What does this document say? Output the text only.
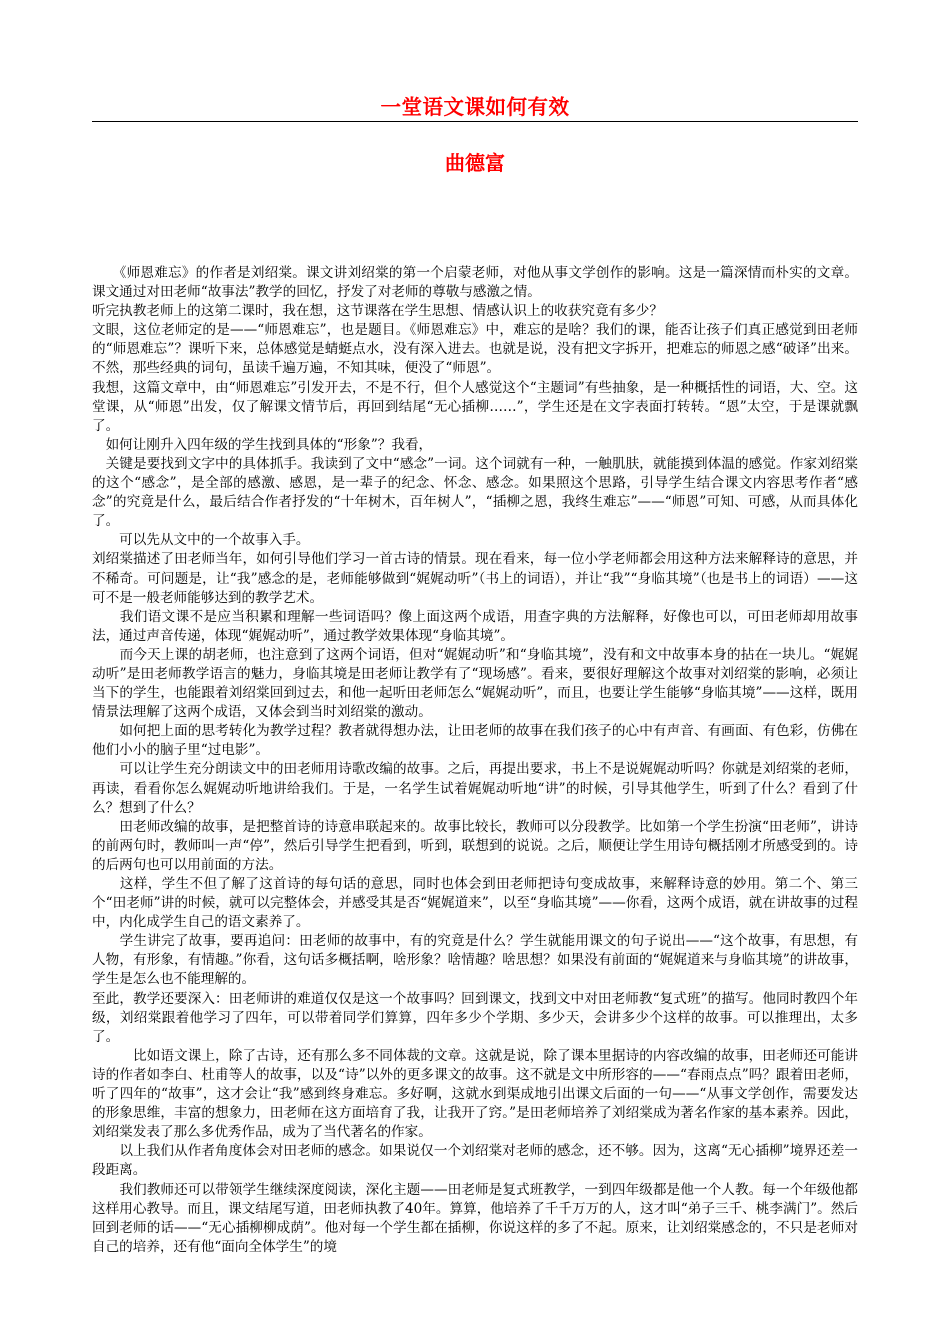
一堂语文课如何有效
曲德富

　　《师恩难忘》的作者是刘绍棠。课文讲刘绍棠的第一个启蒙老师，对他从事文学创作的影响。这是一篇深情而朴实的文章。课文通过对田老师“故事法”教学的回忆，抒发了对老师的尊敬与感激之情。

听完执教老师上的这第二课时，我在想，这节课落在学生思想、情感认识上的收获究竟有多少？

文眼，这位老师定的是——“师恩难忘”，也是题目。《师恩难忘》中，难忘的是啥？我们的课，能否让孩子们真正感觉到田老师的“师恩难忘”？课听下来，总体感觉是蜻蜓点水，没有深入进去。也就是说，没有把文字拆开，把难忘的师恩之感“破译”出来。不然，那些经典的词句，虽读千遍万遍，不知其味，便没了“师恩”。

我想，这篇文章中，由“师恩难忘”引发开去，不是不行，但个人感觉这个“主题词”有些抽象，是一种概括性的词语，大、空。这堂课，从“师恩”出发，仅了解课文情节后，再回到结尾“无心插柳……”，学生还是在文字表面打转转。“恩”太空，于是课就飘了。

　如何让刚升入四年级的学生找到具体的“形象”？我看，

　关键是要找到文字中的具体抓手。我读到了文中“感念”一词。这个词就有一种，一触肌肤，就能摸到体温的感觉。作家刘绍棠的这个“感念”，是全部的感激、感恩，是一辈子的纪念、怀念、感念。如果照这个思路，引导学生结合课文内容思考作者“感念”的究竟是什么，最后结合作者抒发的“十年树木，百年树人”，“插柳之恩，我终生难忘”——“师恩”可知、可感，从而具体化了。

　　可以先从文中的一个故事入手。

刘绍棠描述了田老师当年，如何引导他们学习一首古诗的情景。现在看来，每一位小学老师都会用这种方法来解释诗的意思，并不稀奇。可问题是，让“我”感念的是，老师能够做到“娓娓动听”（书上的词语），并让“我”“身临其境”（也是书上的词语）——这可不是一般老师能够达到的教学艺术。

　　我们语文课不是应当积累和理解一些词语吗？像上面这两个成语，用查字典的方法解释，好像也可以，可田老师却用故事法，通过声音传递，体现“娓娓动听”，通过教学效果体现“身临其境”。

　　而今天上课的胡老师，也注意到了这两个词语，但对“娓娓动听”和“身临其境”，没有和文中故事本身的拈在一块儿。“娓娓动听”是田老师教学语言的魅力，身临其境是田老师让教学有了“现场感”。看来，要很好理解这个故事对刘绍棠的影响，必须让当下的学生，也能跟着刘绍棠回到过去，和他一起听田老师怎么“娓娓动听”，而且，也要让学生能够“身临其境”——这样，既用情景法理解了这两个成语，又体会到当时刘绍棠的激动。

　　如何把上面的思考转化为教学过程？教者就得想办法，让田老师的故事在我们孩子的心中有声音、有画面、有色彩，仿佛在他们小小的脑子里“过电影”。

　　可以让学生充分朗读文中的田老师用诗歌改编的故事。之后，再提出要求，书上不是说娓娓动听吗？你就是刘绍棠的老师，再读，看看你怎么娓娓动听地讲给我们。于是，一名学生试着娓娓动听地“讲”的时候，引导其他学生，听到了什么？看到了什么？想到了什么？

　　田老师改编的故事，是把整首诗的诗意串联起来的。故事比较长，教师可以分段教学。比如第一个学生扮演“田老师”，讲诗的前两句时，教师叫一声“停”，然后引导学生把看到，听到，联想到的说说。之后，顺便让学生用诗句概括刚才所感受到的。诗的后两句也可以用前面的方法。

　　这样，学生不但了解了这首诗的每句话的意思，同时也体会到田老师把诗句变成故事，来解释诗意的妙用。第二个、第三个“田老师”讲的时候，就可以完整体会，并感受其是否“娓娓道来”，以至“身临其境”——你看，这两个成语，就在讲故事的过程中，内化成学生自己的语文素养了。

　　学生讲完了故事，要再追问：田老师的故事中，有的究竟是什么？学生就能用课文的句子说出——“这个故事，有思想，有人物，有形象，有情趣。”你看，这句话多概括啊，啥形象？啥情趣？啥思想？如果没有前面的“娓娓道来与身临其境”的讲故事，学生是怎么也不能理解的。

至此，教学还要深入：田老师讲的难道仅仅是这一个故事吗？回到课文，找到文中对田老师教“复式班”的描写。他同时教四个年级，刘绍棠跟着他学习了四年，可以带着同学们算算，四年多少个学期、多少天，会讲多少个这样的故事。可以推理出，太多了。

　　　比如语文课上，除了古诗，还有那么多不同体裁的文章。这就是说，除了课本里据诗的内容改编的故事，田老师还可能讲诗的作者如李白、杜甫等人的故事，以及“诗”以外的更多课文的故事。这不就是文中所形容的——“春雨点点”吗？跟着田老师，听了四年的“故事”，这才会让“我”感到终身难忘。多好啊，这就水到渠成地引出课文后面的一句——“从事文学创作，需要发达的形象思维，丰富的想象力，田老师在这方面培育了我，让我开了窍。”是田老师培养了刘绍棠成为著名作家的基本素养。因此，刘绍棠发表了那么多优秀作品，成为了当代著名的作家。

　　以上我们从作者角度体会对田老师的感念。如果说仅一个刘绍棠对老师的感念，还不够。因为，这离“无心插柳”境界还差一段距离。

　　我们教师还可以带领学生继续深度阅读，深化主题——田老师是复式班教学，一到四年级都是他一个人教。每一个年级他都这样用心教导。而且，课文结尾写道，田老师执教了40年。算算，他培养了千千万万的人，这才叫“弟子三千、桃李满门”。然后回到老师的话——“无心插柳柳成荫”。他对每一个学生都在插柳，你说这样的多了不起。原来，让刘绍棠感念的，不只是老师对自己的培养，还有他“面向全体学生”的境
